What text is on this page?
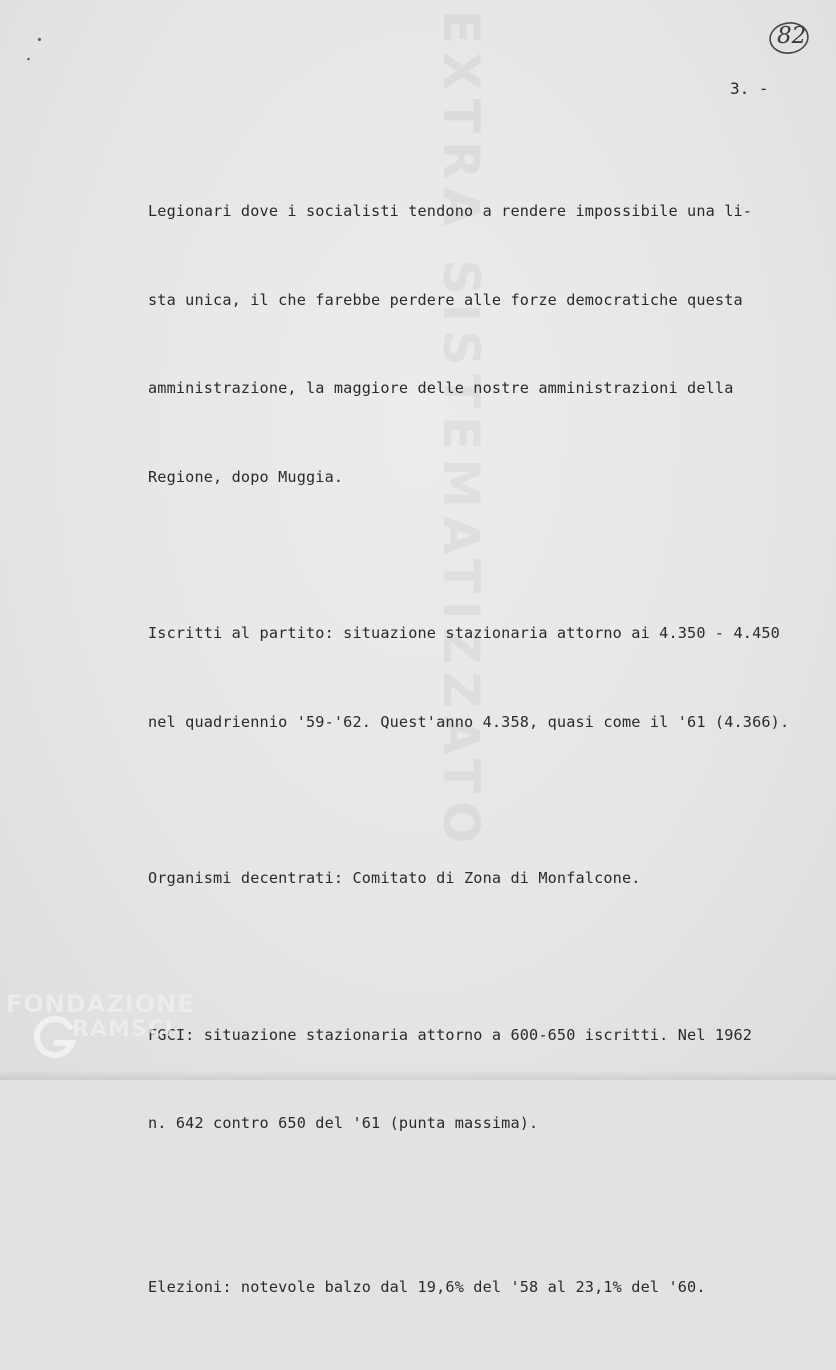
EXTRA SISTEMATIZZATO	82
3. -

Legionari dove i socialisti tendono a rendere impossibile una li-

sta unica, il che farebbe perdere alle forze democratiche questa

amministrazione, la maggiore delle nostre amministrazioni della

Regione, dopo Muggia.

Iscritti al partito: situazione stazionaria attorno ai 4.350 - 4.450

nel quadriennio '59-'62. Quest'anno 4.358, quasi come il '61 (4.366).

Organismi decentrati: Comitato di Zona di Monfalcone.

FGCI: situazione stazionaria attorno a 600-650 iscritti. Nel 1962

n. 642 contro 650 del '61 (punta massima).

Elezioni: notevole balzo dal 19,6% del '58 al 23,1% del '60.

FONDAZIONE
RAMSCI
